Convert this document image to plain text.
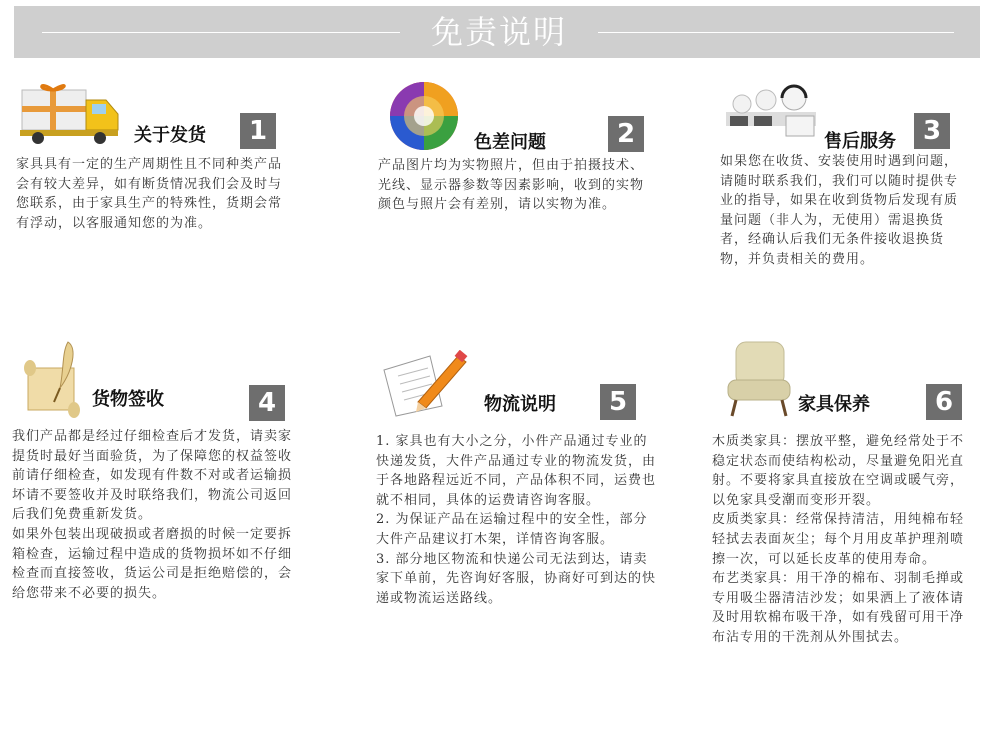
免责说明
关于发货	1

家具具有一定的生产周期性且不同种类产品会有较大差异，如有断货情况我们会及时与您联系，由于家具生产的特殊性，货期会常有浮动，以客服通知您的为准。

色差问题	2

产品图片均为实物照片，但由于拍摄技术、光线、显示器参数等因素影响，收到的实物颜色与照片会有差别，请以实物为准。

售后服务	3

如果您在收货、安装使用时遇到问题，请随时联系我们，我们可以随时提供专业的指导，如果在收到货物后发现有质量问题（非人为，无使用）需退换货者，经确认后我们无条件接收退换货物，并负责相关的费用。

货物签收	4

我们产品都是经过仔细检查后才发货，请卖家提货时最好当面验货，为了保障您的权益签收前请仔细检查，如发现有件数不对或者运输损坏请不要签收并及时联络我们，物流公司返回后我们免费重新发货。

如果外包装出现破损或者磨损的时候一定要拆箱检查，运输过程中造成的货物损坏如不仔细检查而直接签收，货运公司是拒绝赔偿的，会给您带来不必要的损失。

物流说明	5

1. 家具也有大小之分，小件产品通过专业的快递发货，大件产品通过专业的物流发货，由于各地路程远近不同，产品体积不同，运费也就不相同，具体的运费请咨询客服。

2. 为保证产品在运输过程中的安全性，部分大件产品建议打木架，详情咨询客服。

3. 部分地区物流和快递公司无法到达，请卖家下单前，先咨询好客服，协商好可到达的快递或物流运送路线。

家具保养	6

木质类家具：摆放平整，避免经常处于不稳定状态而使结构松动，尽量避免阳光直射。不要将家具直接放在空调或暖气旁，以免家具受潮而变形开裂。

皮质类家具：经常保持清洁，用纯棉布轻轻拭去表面灰尘；每个月用皮革护理剂喷擦一次，可以延长皮革的使用寿命。

布艺类家具：用干净的棉布、羽制毛掸或专用吸尘器清洁沙发；如果洒上了液体请及时用软棉布吸干净，如有残留可用干净布沾专用的干洗剂从外围拭去。
